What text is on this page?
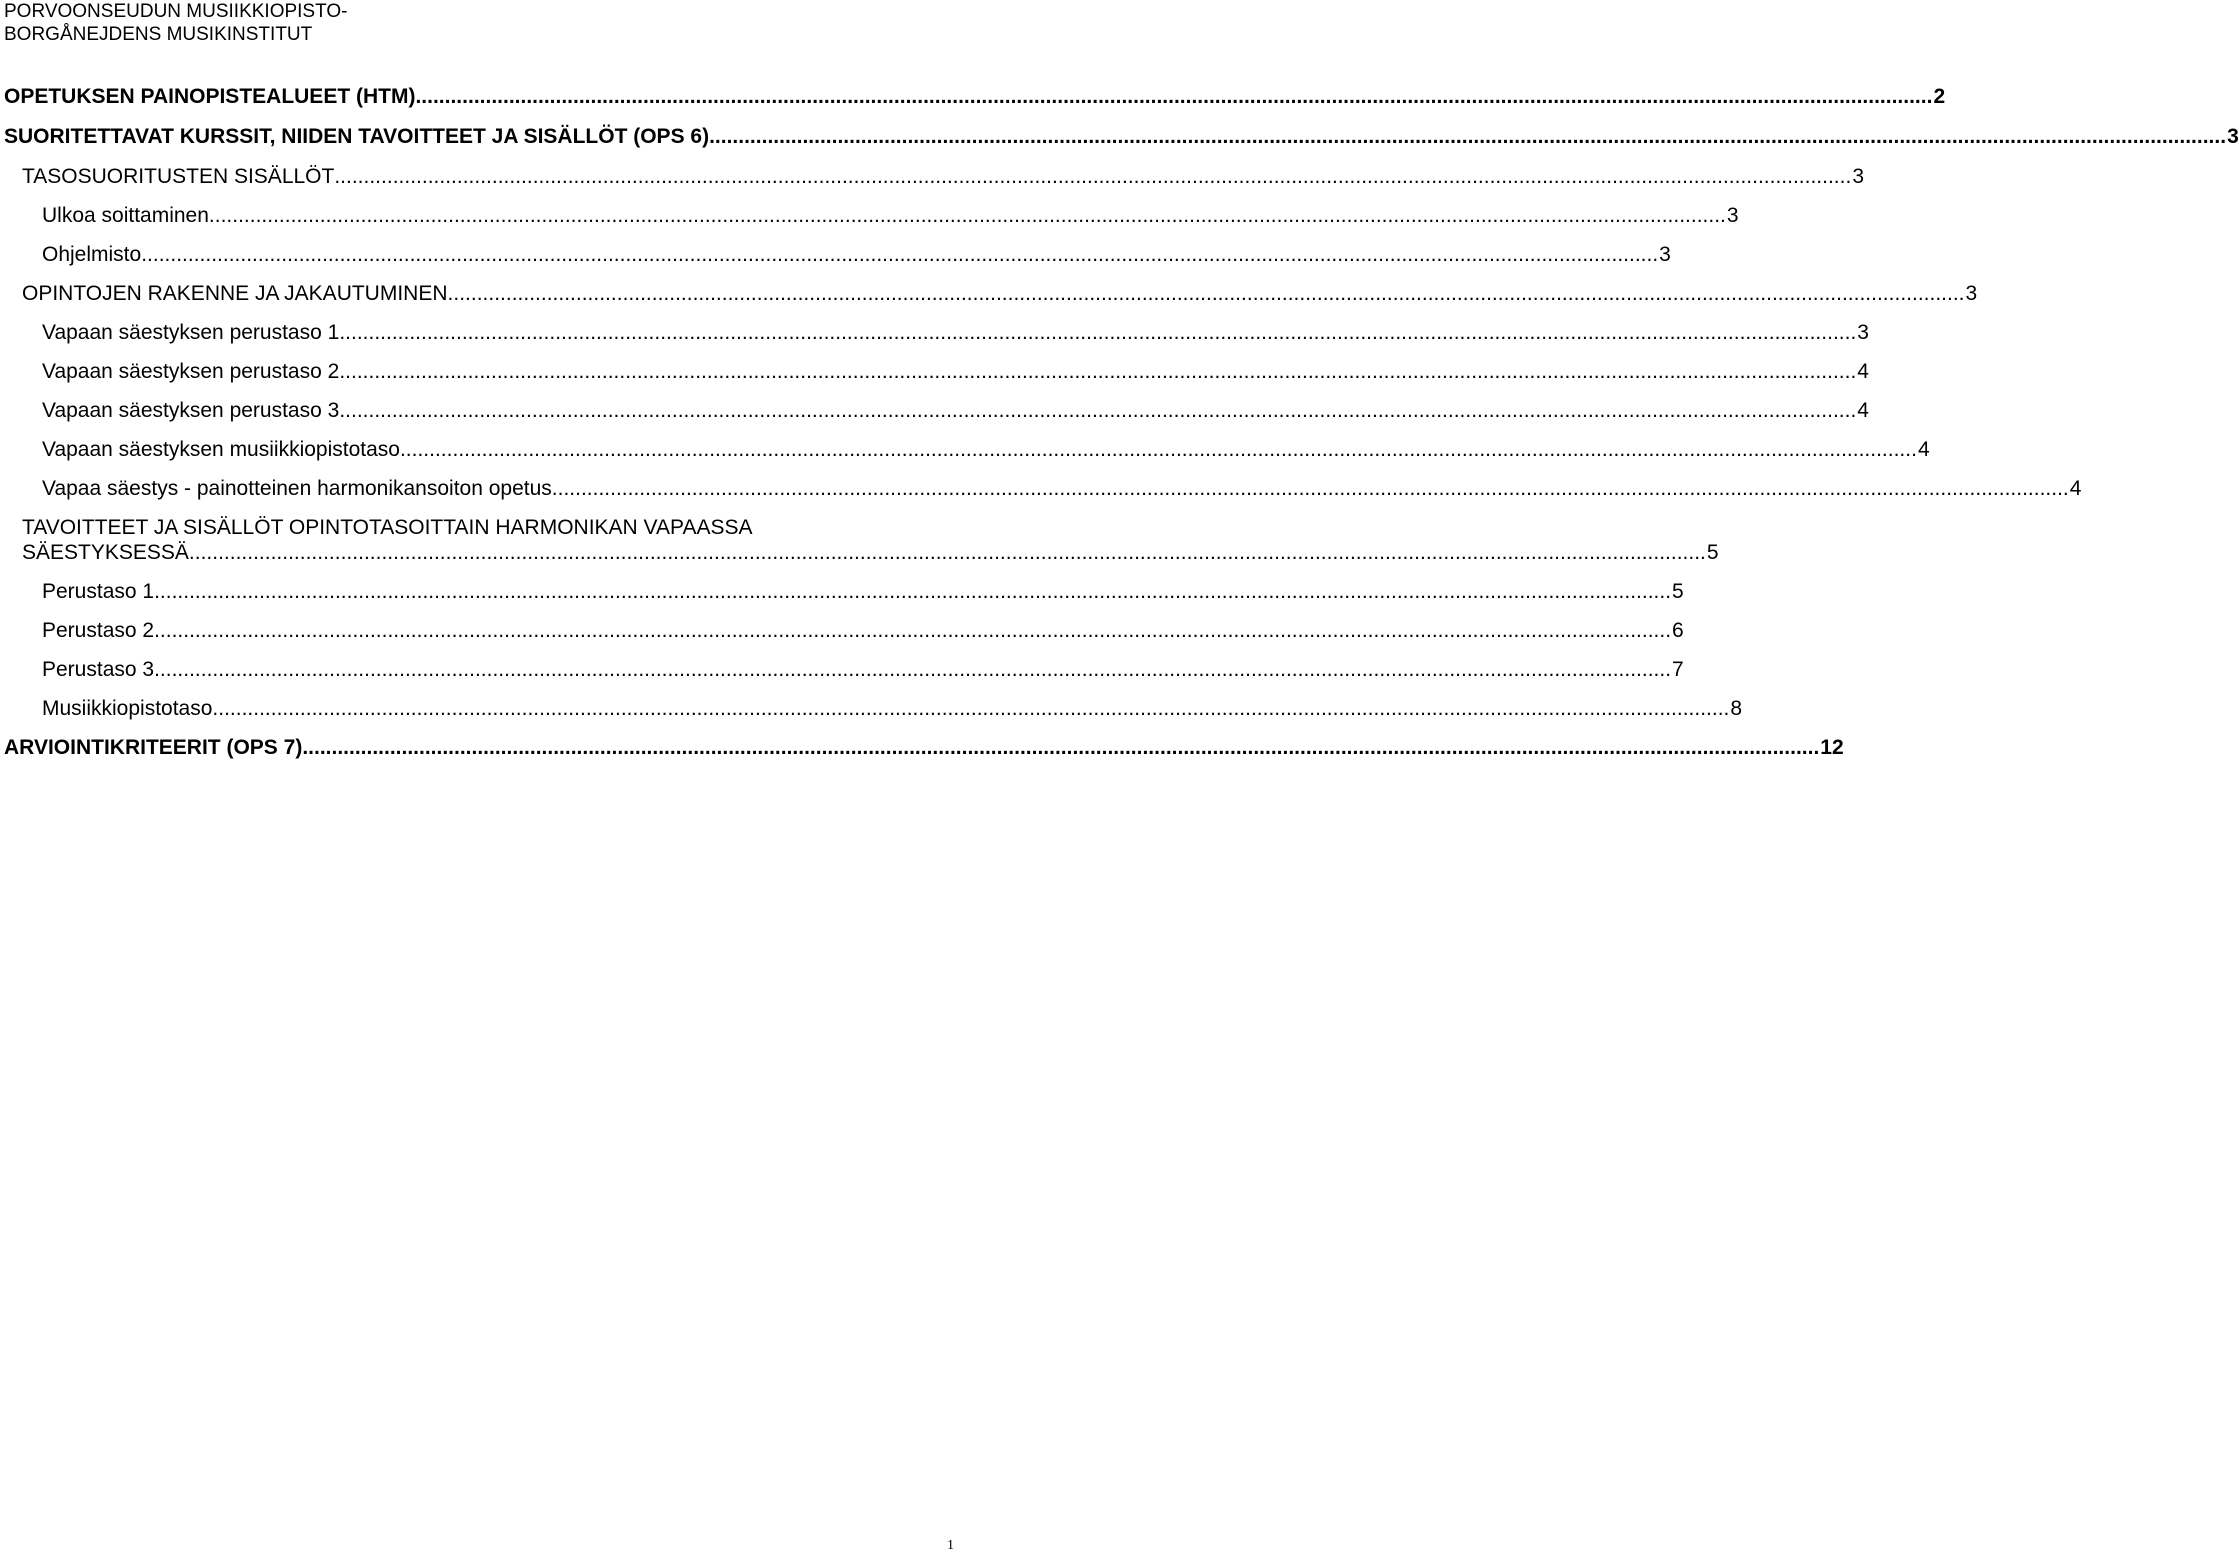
PORVOONSEUDUN MUSIIKKIOPISTO-
BORGÅNEJDENS MUSIKINSTITUT
OPETUKSEN PAINOPISTEALUEET (HTM) .....	2
SUORITETTAVAT KURSSIT, NIIDEN TAVOITTEET JA SISÄLLÖT (OPS 6) .....	3
TASOSUORITUSTEN SISÄLLÖT .....	3
Ulkoa soittaminen .....	3
Ohjelmisto .....	3
OPINTOJEN RAKENNE JA JAKAUTUMINEN .....	3
Vapaan säestyksen perustaso 1 .....	3
Vapaan säestyksen perustaso 2 .....	4
Vapaan säestyksen perustaso 3 .....	4
Vapaan säestyksen musiikkiopistotaso .....	4
Vapaa säestys - painotteinen harmonikansoiton opetus .....	4
TAVOITTEET JA SISÄLLÖT OPINTOTASOITTAIN HARMONIKAN VAPAASSA
SÄESTYKSESSÄ .....	5
Perustaso 1 .....	5
Perustaso 2 .....	6
Perustaso 3 .....	7
Musiikkiopistotaso .....	8
ARVIOINTIKRITEERIT (OPS 7) .....	12
1
